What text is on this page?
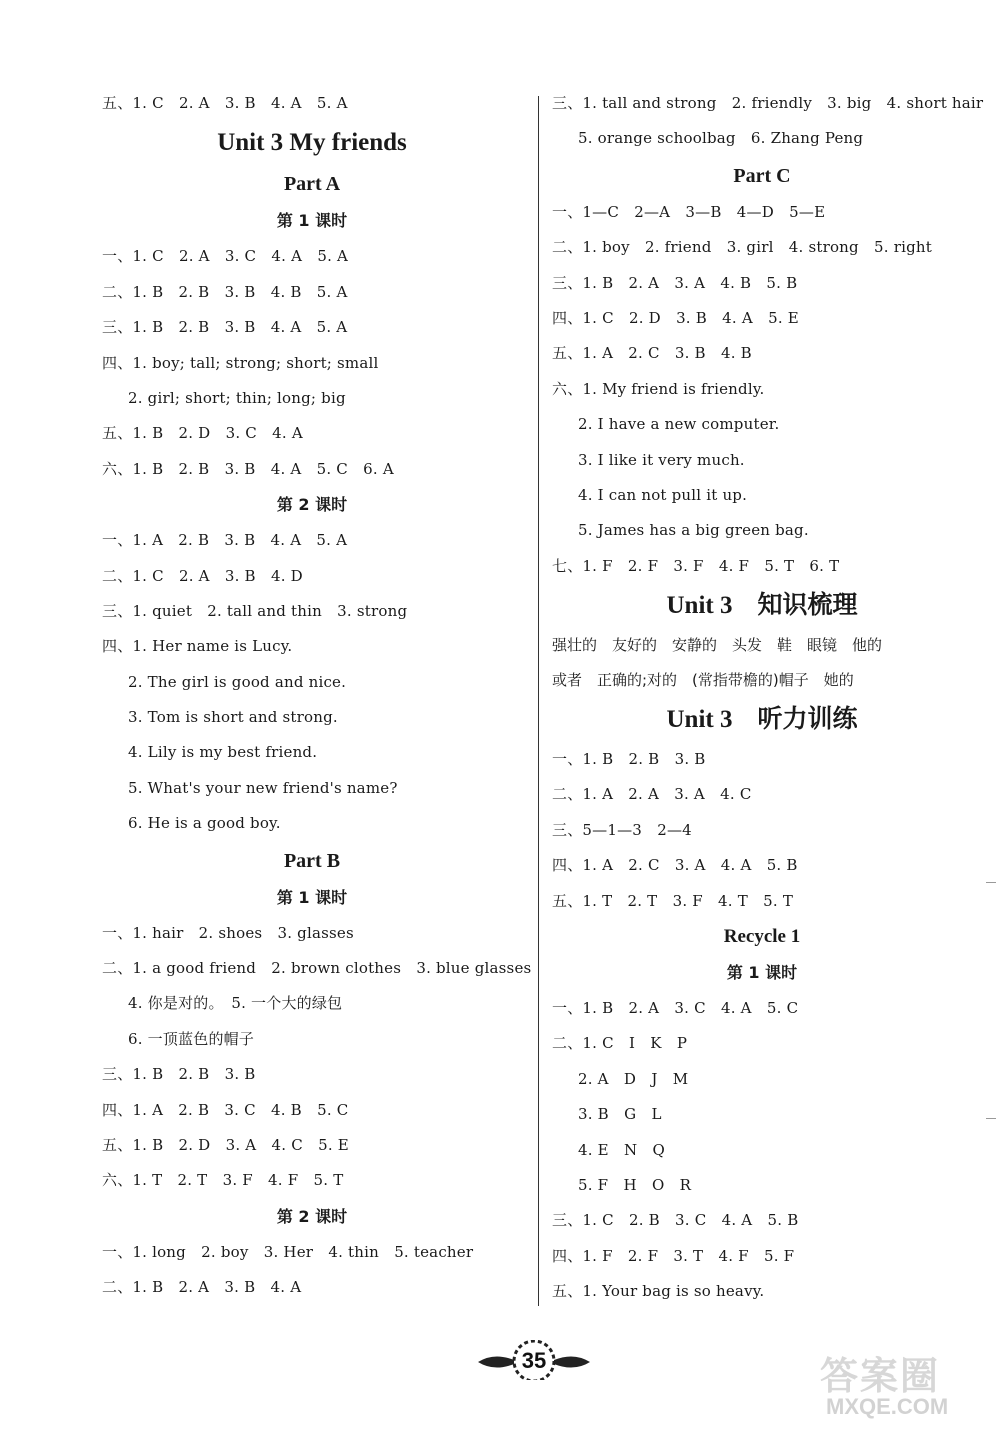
五、1. C　2. A　3. B　4. A　5. A
Unit 3 My friends
Part A
第 1 课时
一、1. C　2. A　3. C　4. A　5. A
二、1. B　2. B　3. B　4. B　5. A
三、1. B　2. B　3. B　4. A　5. A
四、1. boy; tall; strong; short; small
2. girl; short; thin; long; big
五、1. B　2. D　3. C　4. A
六、1. B　2. B　3. B　4. A　5. C　6. A
第 2 课时
一、1. A　2. B　3. B　4. A　5. A
二、1. C　2. A　3. B　4. D
三、1. quiet　2. tall and thin　3. strong
四、1. Her name is Lucy.
2. The girl is good and nice.
3. Tom is short and strong.
4. Lily is my best friend.
5. What's your new friend's name?
6. He is a good boy.
Part B
第 1 课时
一、1. hair　2. shoes　3. glasses
二、1. a good friend　2. brown clothes　3. blue glasses
4. 你是对的。　5. 一个大的绿包
6. 一顶蓝色的帽子
三、1. B　2. B　3. B
四、1. A　2. B　3. C　4. B　5. C
五、1. B　2. D　3. A　4. C　5. E
六、1. T　2. T　3. F　4. F　5. T
第 2 课时
一、1. long　2. boy　3. Her　4. thin　5. teacher
二、1. B　2. A　3. B　4. A
三、1. tall and strong　2. friendly　3. big　4. short hair
5. orange schoolbag　6. Zhang Peng
Part C
一、1—C　2—A　3—B　4—D　5—E
二、1. boy　2. friend　3. girl　4. strong　5. right
三、1. B　2. A　3. A　4. B　5. B
四、1. C　2. D　3. B　4. A　5. E
五、1. A　2. C　3. B　4. B
六、1. My friend is friendly.
2. I have a new computer.
3. I like it very much.
4. I can not pull it up.
5. James has a big green bag.
七、1. F　2. F　3. F　4. F　5. T　6. T
Unit 3　知识梳理
强壮的　友好的　安静的　头发　鞋　眼镜　他的
或者　正确的;对的　(常指带檐的)帽子　她的
Unit 3　听力训练
一、1. B　2. B　3. B
二、1. A　2. A　3. A　4. C
三、5—1—3　2—4
四、1. A　2. C　3. A　4. A　5. B
五、1. T　2. T　3. F　4. T　5. T
Recycle 1
第 1 课时
一、1. B　2. A　3. C　4. A　5. C
二、1. C　I　K　P
2. A　D　J　M
3. B　G　L
4. E　N　Q
5. F　H　O　R
三、1. C　2. B　3. C　4. A　5. B
四、1. F　2. F　3. T　4. F　5. F
五、1. Your bag is so heavy.
35	答案圈
MXQE.COM
